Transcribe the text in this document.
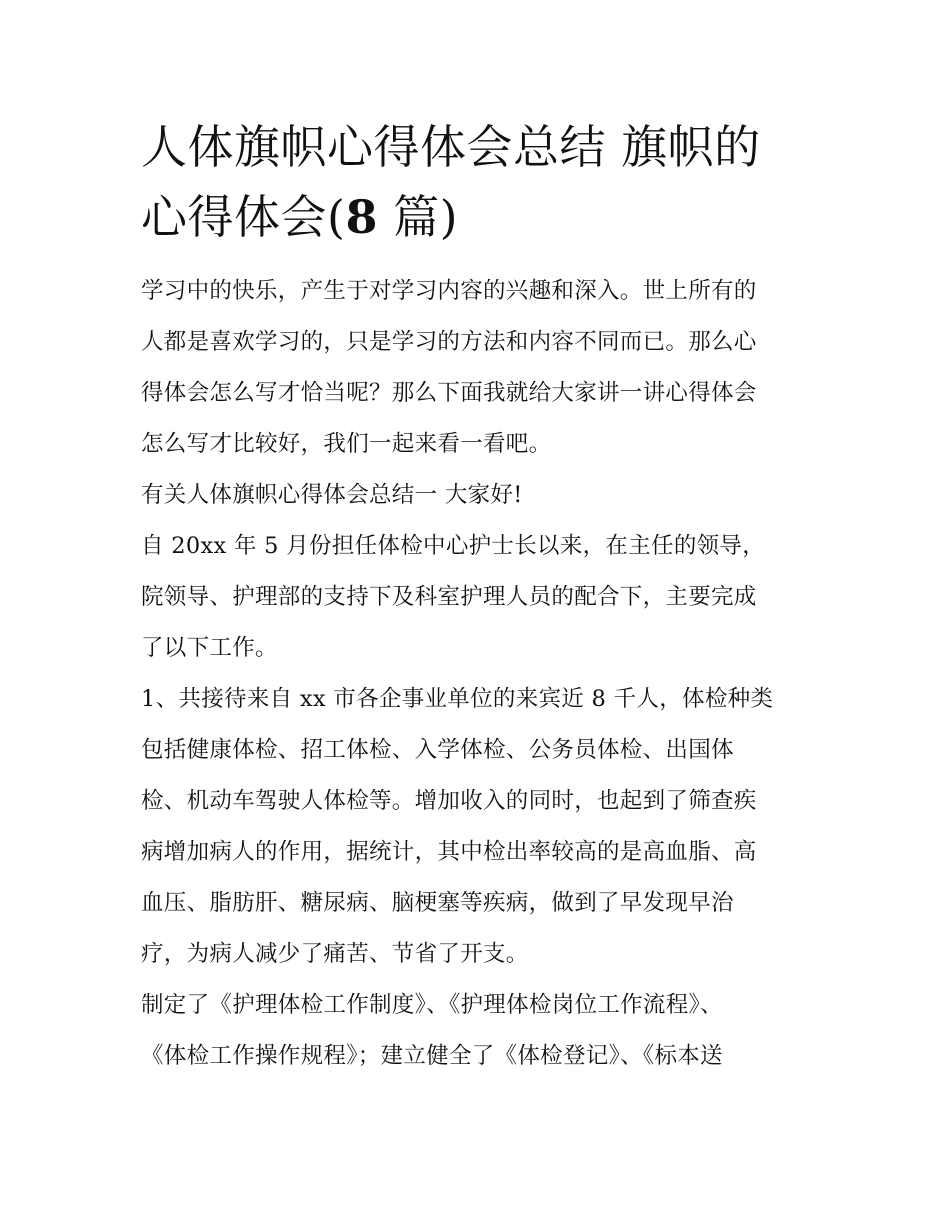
人体旗帜心得体会总结 旗帜的
心得体会(8 篇)

学习中的快乐，产生于对学习内容的兴趣和深入。世上所有的

人都是喜欢学习的，只是学习的方法和内容不同而已。那么心

得体会怎么写才恰当呢？那么下面我就给大家讲一讲心得体会

怎么写才比较好，我们一起来看一看吧。

有关人体旗帜心得体会总结一 大家好!

自 20xx 年 5 月份担任体检中心护士长以来，在主任的领导，

院领导、护理部的支持下及科室护理人员的配合下，主要完成

了以下工作。

1、共接待来自 xx 市各企事业单位的来宾近 8 千人，体检种类

包括健康体检、招工体检、入学体检、公务员体检、出国体

检、机动车驾驶人体检等。增加收入的同时，也起到了筛查疾

病增加病人的作用，据统计，其中检出率较高的是高血脂、高

血压、脂肪肝、糖尿病、脑梗塞等疾病，做到了早发现早治

疗，为病人减少了痛苦、节省了开支。

制定了《护理体检工作制度》、《护理体检岗位工作流程》、

《体检工作操作规程》；建立健全了《体检登记》、《标本送
